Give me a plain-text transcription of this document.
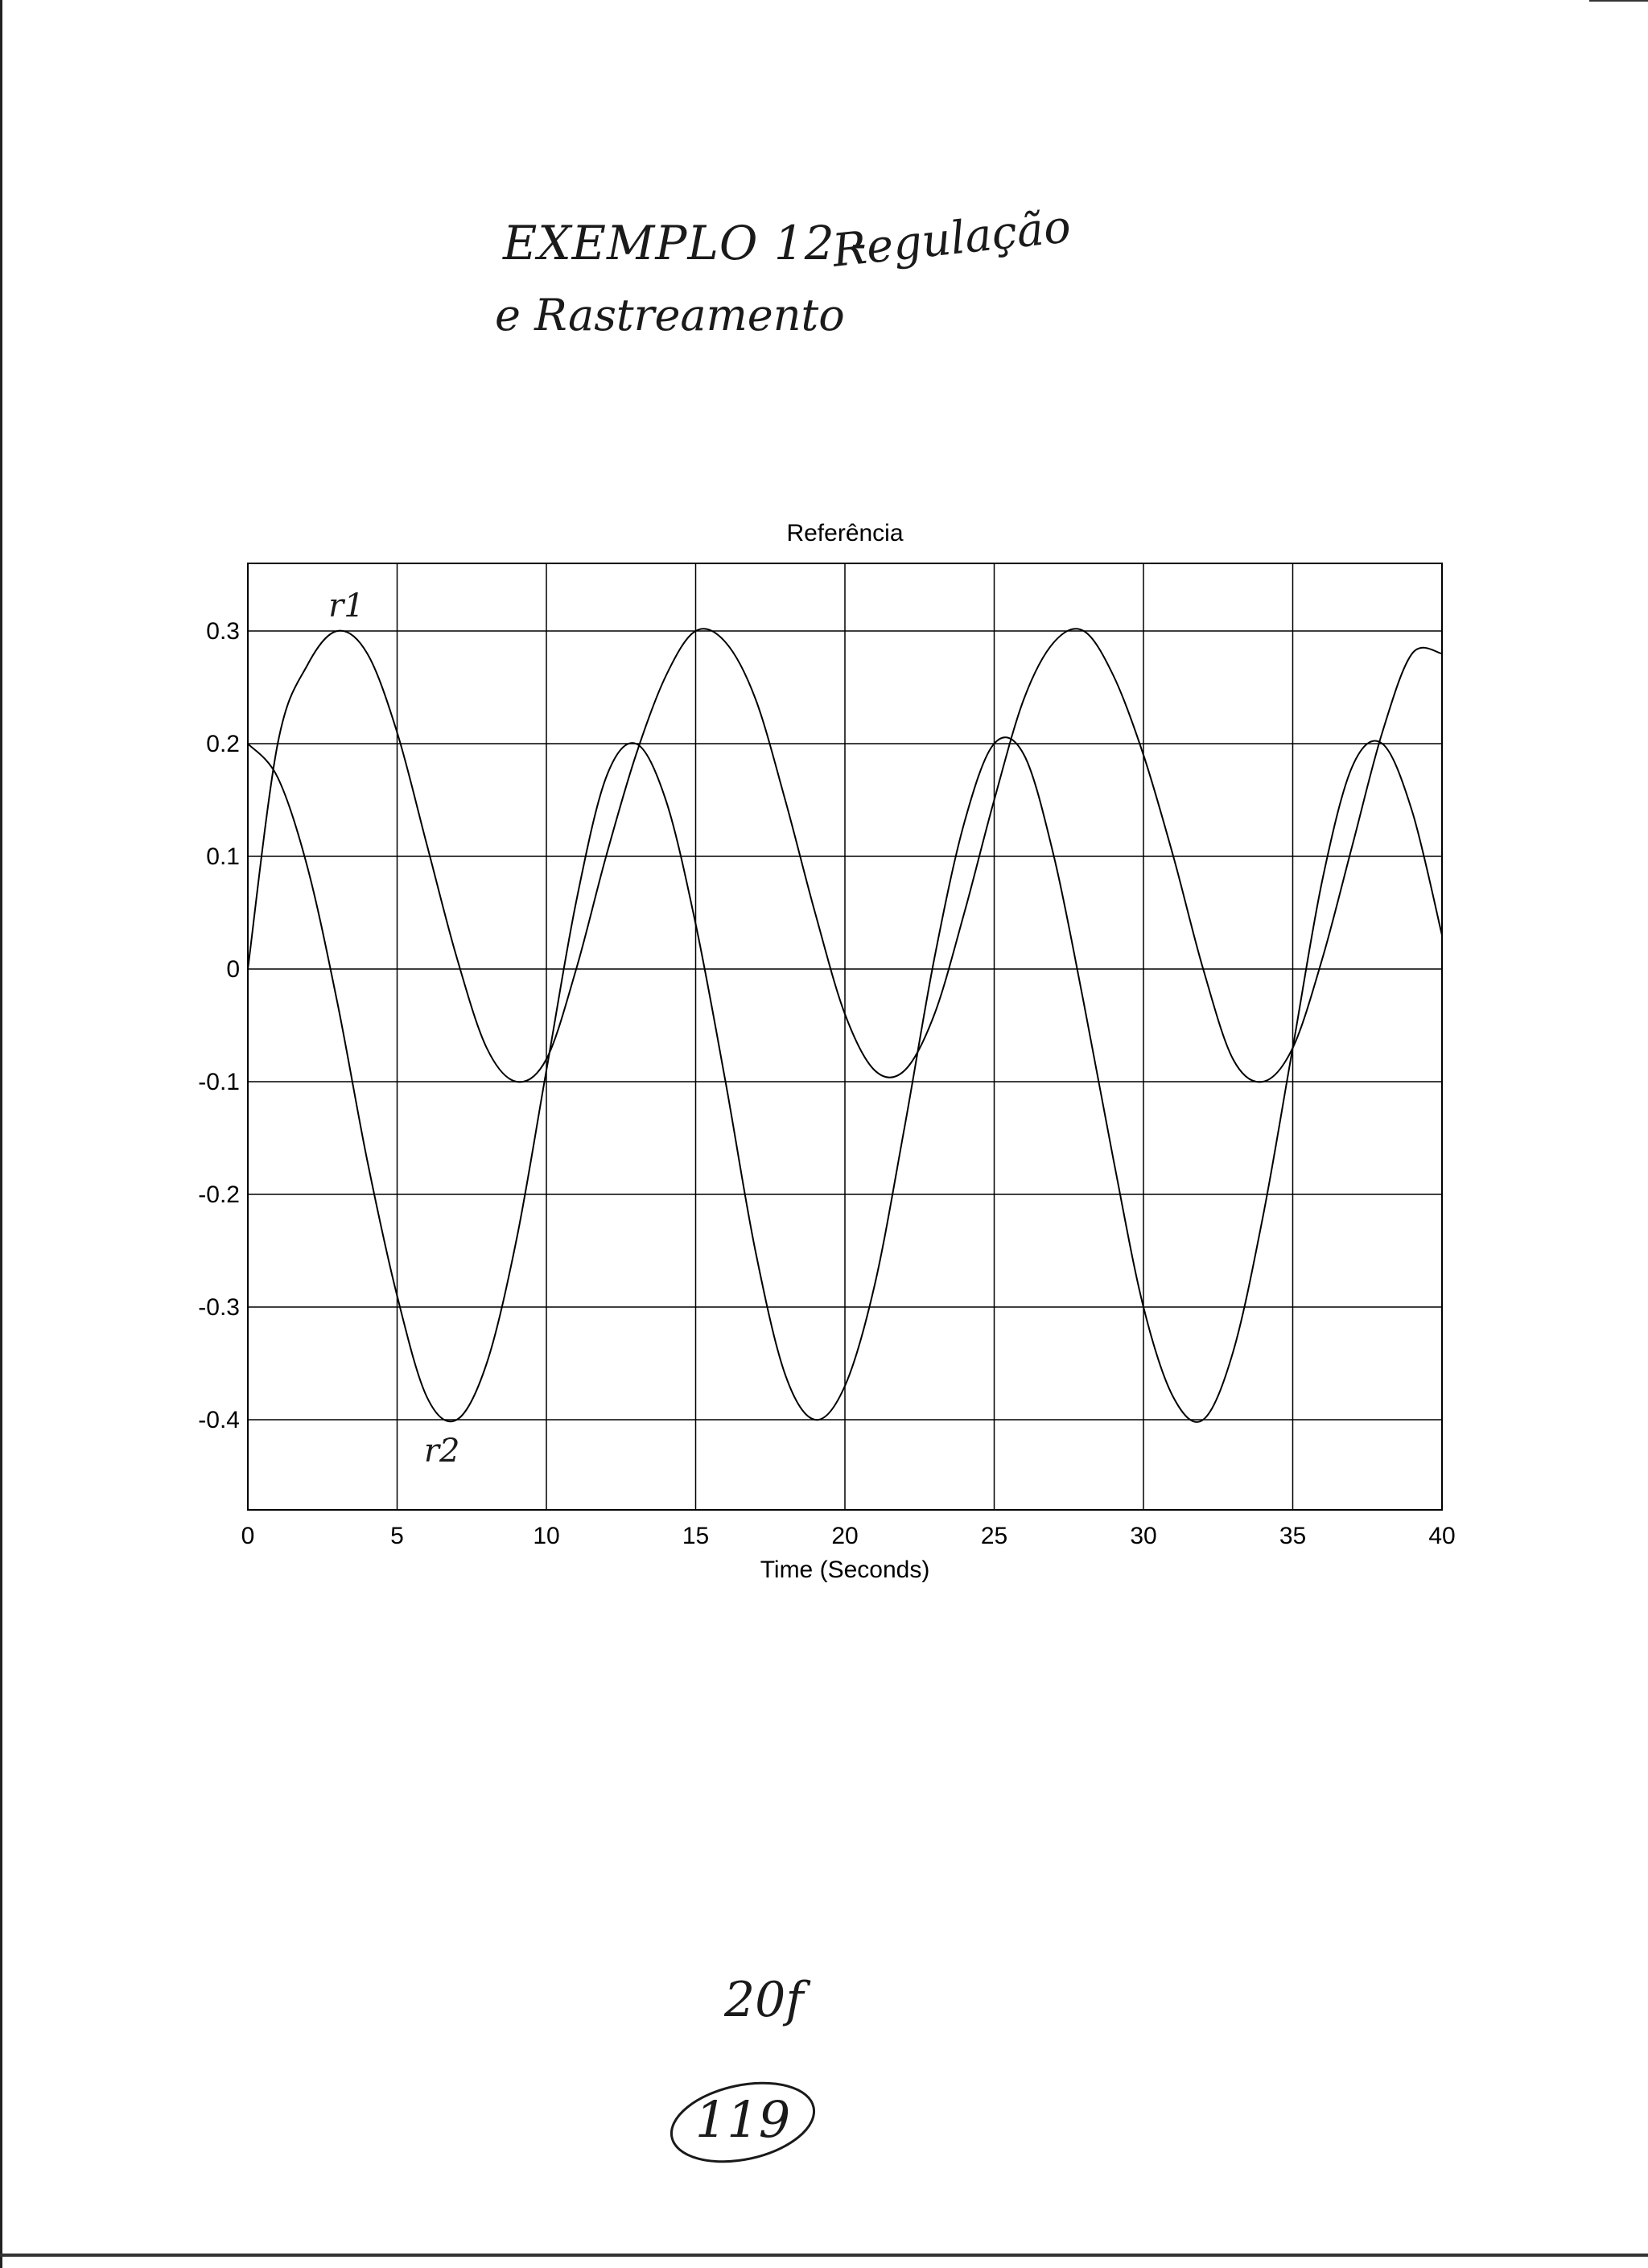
EXEMPLO 12 -
e Rastreamento
Regulação
Referência
0	5	10	15	20	25	30	35	40
0.3
0.2
0.1
0
-0.1
-0.2
-0.3
-0.4
r1
r2
Time (Seconds)
20f
119
